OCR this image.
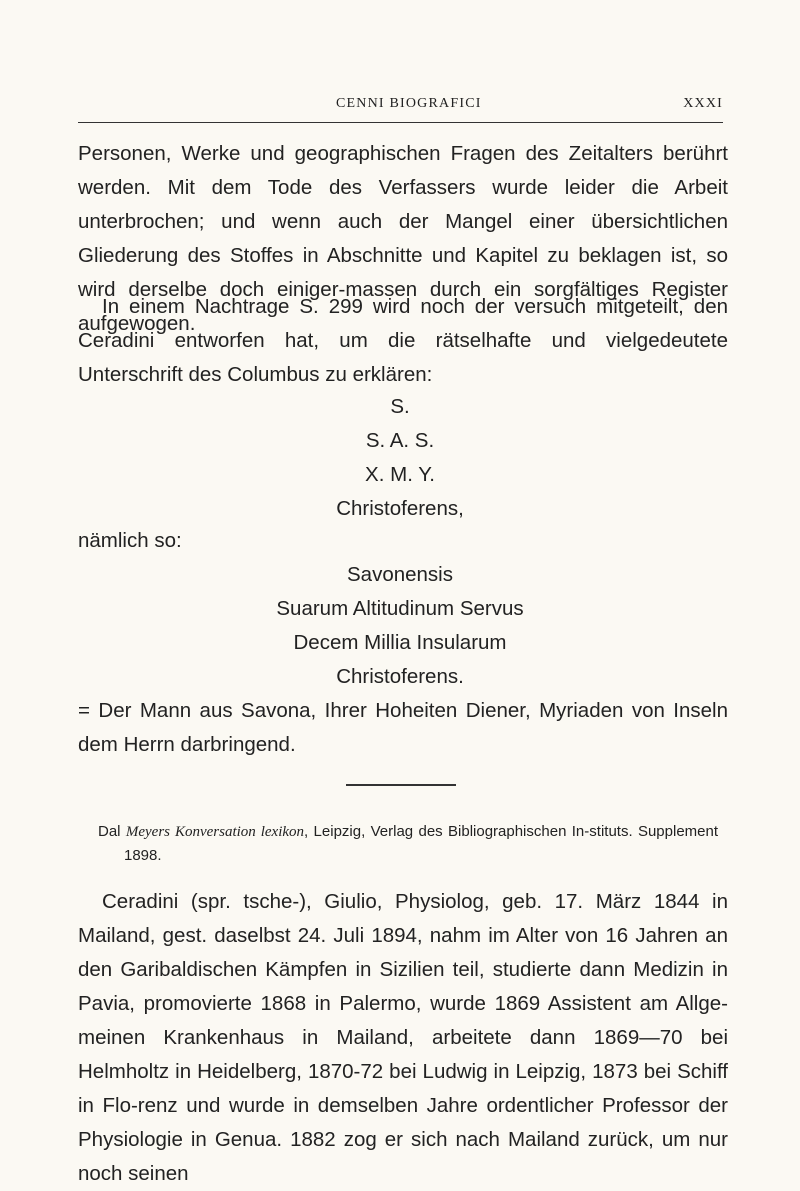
CENNI BIOGRAFICI	XXXI

Personen, Werke und geographischen Fragen des Zeitalters berührt werden. Mit dem Tode des Verfassers wurde leider die Arbeit unterbrochen; und wenn auch der Mangel einer übersichtlichen Gliederung des Stoffes in Abschnitte und Kapitel zu beklagen ist, so wird derselbe doch einiger-massen durch ein sorgfältiges Register aufgewogen.

In einem Nachtrage S. 299 wird noch der versuch mitgeteilt, den Ceradini entworfen hat, um die rätselhafte und vielgedeutete Unterschrift des Columbus zu erklären:

S.
S. A. S.
X. M. Y.
Christoferens,
nämlich so:
Savonensis
Suarum Altitudinum Servus
Decem Millia Insularum
Christoferens.
= Der Mann aus Savona, Ihrer Hoheiten Diener, Myriaden von Inseln
dem Herrn darbringend.

Dal Meyers Konversation lexikon, Leipzig, Verlag des Bibliographischen In-stituts. Supplement 1898.

Ceradini (spr. tsche-), Giulio, Physiolog, geb. 17. März 1844 in Mailand, gest. daselbst 24. Juli 1894, nahm im Alter von 16 Jahren an den Garibaldischen Kämpfen in Sizilien teil, studierte dann Medizin in Pavia, promovierte 1868 in Palermo, wurde 1869 Assistent am Allge-meinen Krankenhaus in Mailand, arbeitete dann 1869—70 bei Helmholtz in Heidelberg, 1870-72 bei Ludwig in Leipzig, 1873 bei Schiff in Flo-renz und wurde in demselben Jahre ordentlicher Professor der Physiologie in Genua. 1882 zog er sich nach Mailand zurück, um nur noch seinen
